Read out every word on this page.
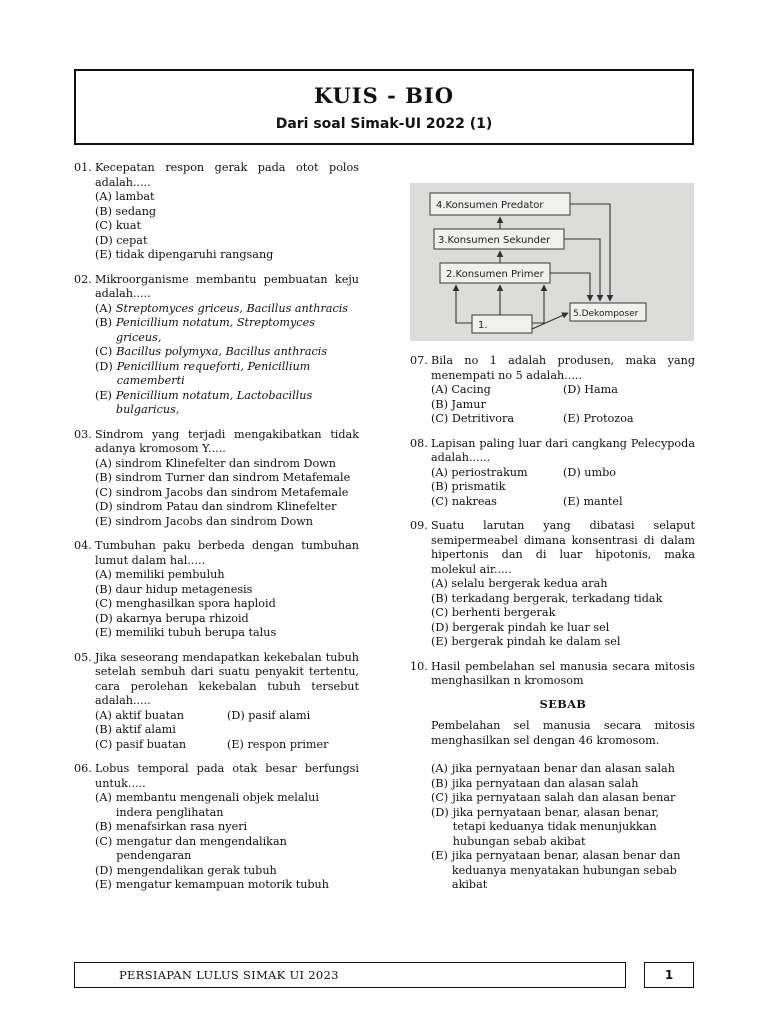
KUIS - BIO
Dari soal Simak-UI 2022 (1)
01. Kecepatan respon gerak pada otot polos adalah.....
(A) lambat
(B) sedang
(C) kuat
(D) cepat
(E) tidak dipengaruhi rangsang
02. Mikroorganisme membantu pembuatan keju adalah.....
(A) Streptomyces griceus, Bacillus anthracis
(B) Penicillium notatum, Streptomyces griceus,
(C) Bacillus polymyxa, Bacillus anthracis
(D) Penicillium requeforti, Penicillium camemberti
(E) Penicillium notatum, Lactobacillus bulgaricus,
03. Sindrom yang terjadi mengakibatkan tidak adanya kromosom Y.....
(A) sindrom Klinefelter dan sindrom Down
(B) sindrom Turner dan sindrom Metafemale
(C) sindrom Jacobs dan sindrom Metafemale
(D) sindrom Patau dan sindrom Klinefelter
(E) sindrom Jacobs dan sindrom Down
04. Tumbuhan paku berbeda dengan tumbuhan lumut dalam hal.....
(A) memiliki pembuluh
(B) daur hidup metagenesis
(C) menghasilkan spora haploid
(D) akarnya berupa rhizoid
(E) memiliki tubuh berupa talus
05. Jika seseorang mendapatkan kekebalan tubuh setelah sembuh dari suatu penyakit tertentu, cara perolehan kekebalan tubuh tersebut adalah.....
(A) aktif buatan	(D) pasif alami
(B) aktif alami
(C) pasif buatan	(E) respon primer
06. Lobus temporal pada otak besar berfungsi untuk.....
(A) membantu mengenali objek melalui indera penglihatan
(B) menafsirkan rasa nyeri
(C) mengatur dan mengendalikan pendengaran
(D) mengendalikan gerak tubuh
(E) mengatur kemampuan motorik tubuh
4.Konsumen Predator
3.Konsumen Sekunder
2.Konsumen Primer
1.
5.Dekomposer
07. Bila no 1 adalah produsen, maka yang menempati no 5 adalah.....
(A) Cacing	(D) Hama
(B) Jamur
(C) Detritivora	(E) Protozoa
08. Lapisan paling luar dari cangkang Pelecypoda adalah......
(A) periostrakum	(D) umbo
(B) prismatik
(C) nakreas	(E) mantel
09. Suatu larutan yang dibatasi selaput semipermeabel dimana konsentrasi di dalam hipertonis dan di luar hipotonis, maka molekul air.....
(A) selalu bergerak kedua arah
(B) terkadang bergerak, terkadang tidak
(C) berhenti bergerak
(D) bergerak pindah ke luar sel
(E) bergerak pindah ke dalam sel
10. Hasil pembelahan sel manusia secara mitosis menghasilkan n kromosom
SEBAB
Pembelahan sel manusia secara mitosis menghasilkan sel dengan 46 kromosom.
(A) jika pernyataan benar dan alasan salah
(B) jika pernyataan dan alasan salah
(C) jika pernyataan salah dan alasan benar
(D) jika pernyataan benar, alasan benar, tetapi keduanya tidak menunjukkan hubungan sebab akibat
(E) jika pernyataan benar, alasan benar dan keduanya menyatakan hubungan sebab akibat
PERSIAPAN LULUS SIMAK UI 2023	1
